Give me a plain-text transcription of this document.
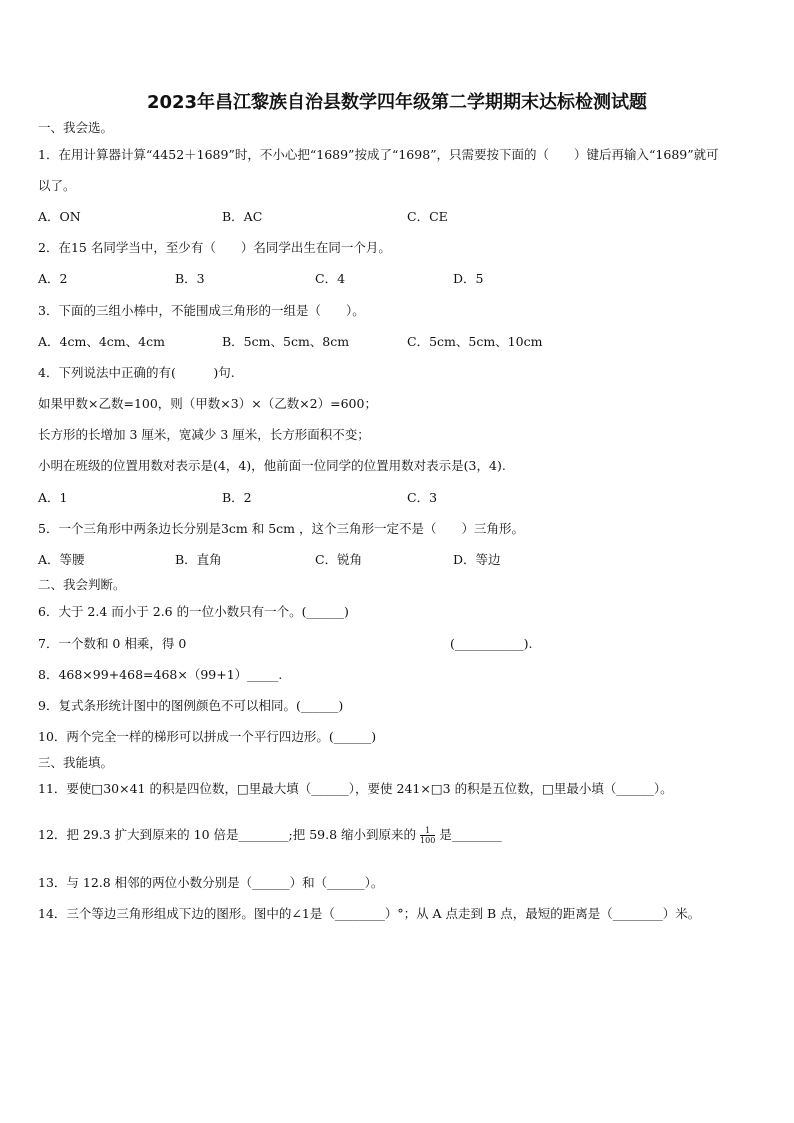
2023年昌江黎族自治县数学四年级第二学期期末达标检测试题
一、我会选。
1．在用计算器计算“4452＋1689”时，不小心把“1689”按成了“1698”，只需要按下面的（　　）键后再输入“1689”就可
以了。
A．ON	B．AC	C．CE
2．在15 名同学当中，至少有（　　）名同学出生在同一个月。
A．2	B．3	C．4	D．5
3．下面的三组小棒中，不能围成三角形的一组是（　　）。
A．4cm、4cm、4cm	B．5cm、5cm、8cm	C．5cm、5cm、10cm
4．下列说法中正确的有(　　　)句.
如果甲数×乙数=100，则（甲数×3）×（乙数×2）=600；
长方形的长增加 3 厘米，宽减少 3 厘米，长方形面积不变；
小明在班级的位置用数对表示是(4，4)，他前面一位同学的位置用数对表示是(3，4).
A．1	B．2	C．3
5．一个三角形中两条边长分别是3cm 和 5cm ，这个三角形一定不是（　　）三角形。
A．等腰	B．直角	C．锐角	D．等边
二、我会判断。
6．大于 2.4 而小于 2.6 的一位小数只有一个。(______)
7．一个数和 0 相乘，得 0	(___________).
8．468×99+468=468×（99+1）_____.
9．复式条形统计图中的图例颜色不可以相同。(______)
10．两个完全一样的梯形可以拼成一个平行四边形。(______)
三、我能填。
11．要使□30×41 的积是四位数，□里最大填（______），要使 241×□3 的积是五位数，□里最小填（______）。
12．把 29.3 扩大到原来的 10 倍是________;把 59.8 缩小到原来的 $\frac{1}{100}$ 是________
13．与 12.8 相邻的两位小数分别是（______）和（______）。
14．三个等边三角形组成下边的图形。图中的∠1是（________）°；从 A 点走到 B 点，最短的距离是（________）米。
